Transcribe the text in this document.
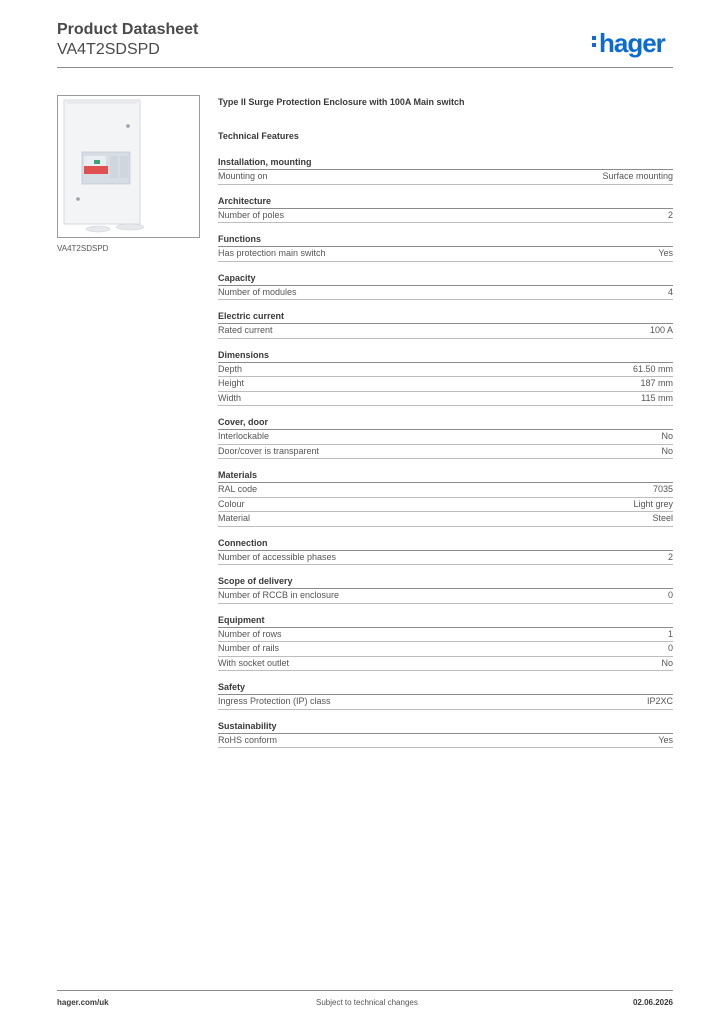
Product Datasheet
VA4T2SDSPD	hager
VA4T2SDSPD
Type II Surge Protection Enclosure with 100A Main switch
Technical Features
Installation, mounting
Mounting on	Surface mounting
Architecture
Number of poles	2
Functions
Has protection main switch	Yes
Capacity
Number of modules	4
Electric current
Rated current	100 A
Dimensions
Depth	61.50 mm
Height	187 mm
Width	115 mm
Cover, door
Interlockable	No
Door/cover is transparent	No
Materials
RAL code	7035
Colour	Light grey
Material	Steel
Connection
Number of accessible phases	2
Scope of delivery
Number of RCCB in enclosure	0
Equipment
Number of rows	1
Number of rails	0
With socket outlet	No
Safety
Ingress Protection (IP) class	IP2XC
Sustainability
RoHS conform	Yes
hager.com/uk	Subject to technical changes	02.06.2026
